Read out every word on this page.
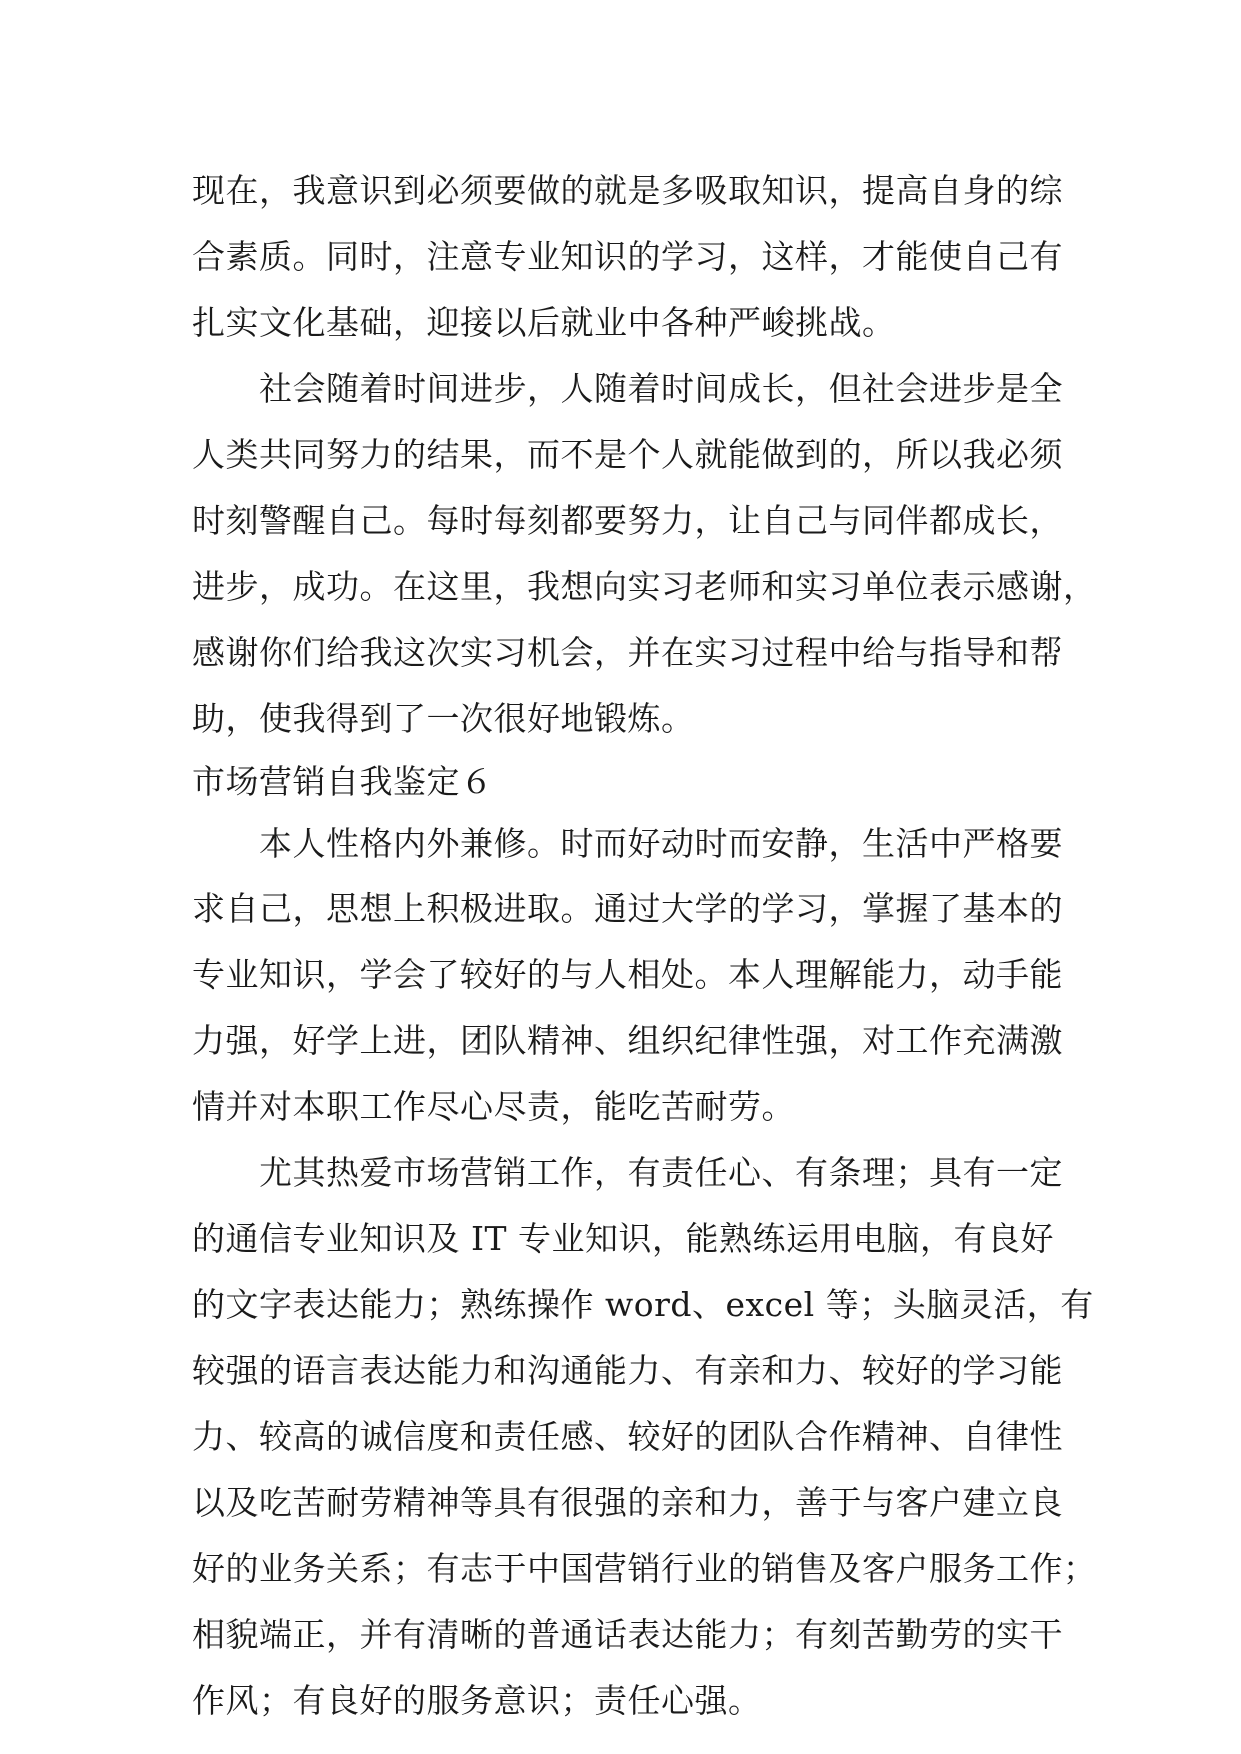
现在，我意识到必须要做的就是多吸取知识，提高自身的综
合素质。同时，注意专业知识的学习，这样，才能使自己有
扎实文化基础，迎接以后就业中各种严峻挑战。
　　社会随着时间进步，人随着时间成长，但社会进步是全
人类共同努力的结果，而不是个人就能做到的，所以我必须
时刻警醒自己。每时每刻都要努力，让自己与同伴都成长，
进步，成功。在这里，我想向实习老师和实习单位表示感谢，
感谢你们给我这次实习机会，并在实习过程中给与指导和帮
助，使我得到了一次很好地锻炼。
市场营销自我鉴定６
　　本人性格内外兼修。时而好动时而安静，生活中严格要
求自己，思想上积极进取。通过大学的学习，掌握了基本的
专业知识，学会了较好的与人相处。本人理解能力，动手能
力强，好学上进，团队精神、组织纪律性强，对工作充满激
情并对本职工作尽心尽责，能吃苦耐劳。
　　尤其热爱市场营销工作，有责任心、有条理；具有一定
的通信专业知识及 IT 专业知识，能熟练运用电脑，有良好
的文字表达能力；熟练操作 word、excel 等；头脑灵活，有
较强的语言表达能力和沟通能力、有亲和力、较好的学习能
力、较高的诚信度和责任感、较好的团队合作精神、自律性
以及吃苦耐劳精神等具有很强的亲和力，善于与客户建立良
好的业务关系；有志于中国营销行业的销售及客户服务工作；
相貌端正，并有清晰的普通话表达能力；有刻苦勤劳的实干
作风；有良好的服务意识；责任心强。
